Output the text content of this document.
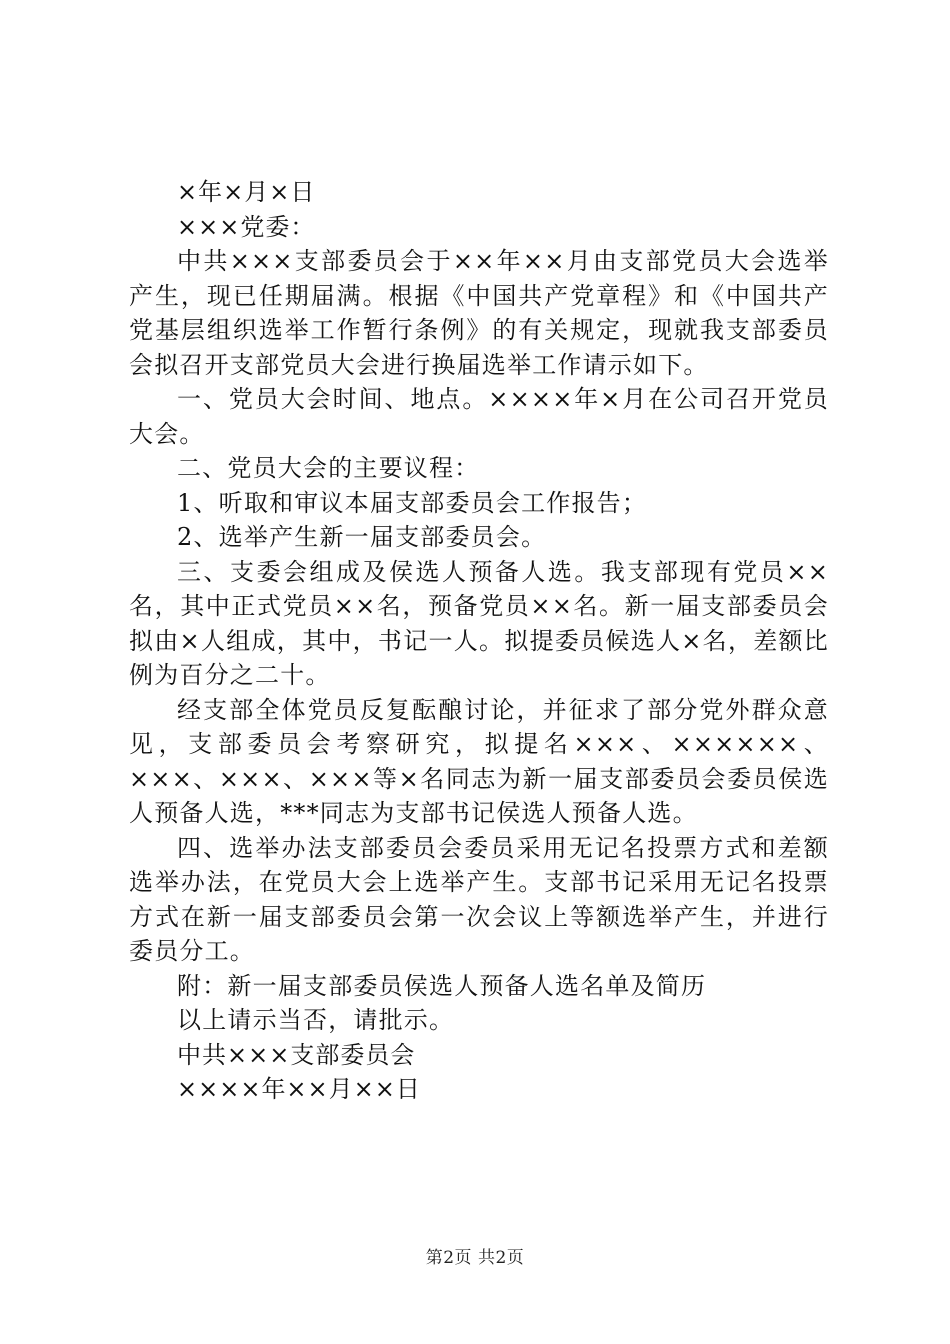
×年×月×日
×××党委：
中共×××支部委员会于××年××月由支部党员大会选举产生，现已任期届满。根据《中国共产党章程》和《中国共产党基层组织选举工作暂行条例》的有关规定，现就我支部委员会拟召开支部党员大会进行换届选举工作请示如下。
一、党员大会时间、地点。××××年×月在公司召开党员大会。
二、党员大会的主要议程：
1、听取和审议本届支部委员会工作报告；
2、选举产生新一届支部委员会。
三、支委会组成及侯选人预备人选。我支部现有党员××名，其中正式党员××名，预备党员××名。新一届支部委员会拟由×人组成，其中，书记一人。拟提委员候选人×名，差额比例为百分之二十。
经支部全体党员反复酝酿讨论，并征求了部分党外群众意见，支部委员会考察研究，拟提名×××、××××××、×××、×××、×××等×名同志为新一届支部委员会委员侯选人预备人选，***同志为支部书记侯选人预备人选。
四、选举办法支部委员会委员采用无记名投票方式和差额选举办法，在党员大会上选举产生。支部书记采用无记名投票方式在新一届支部委员会第一次会议上等额选举产生，并进行委员分工。
附：新一届支部委员侯选人预备人选名单及简历
以上请示当否，请批示。
中共×××支部委员会
××××年××月××日
第2页 共2页
